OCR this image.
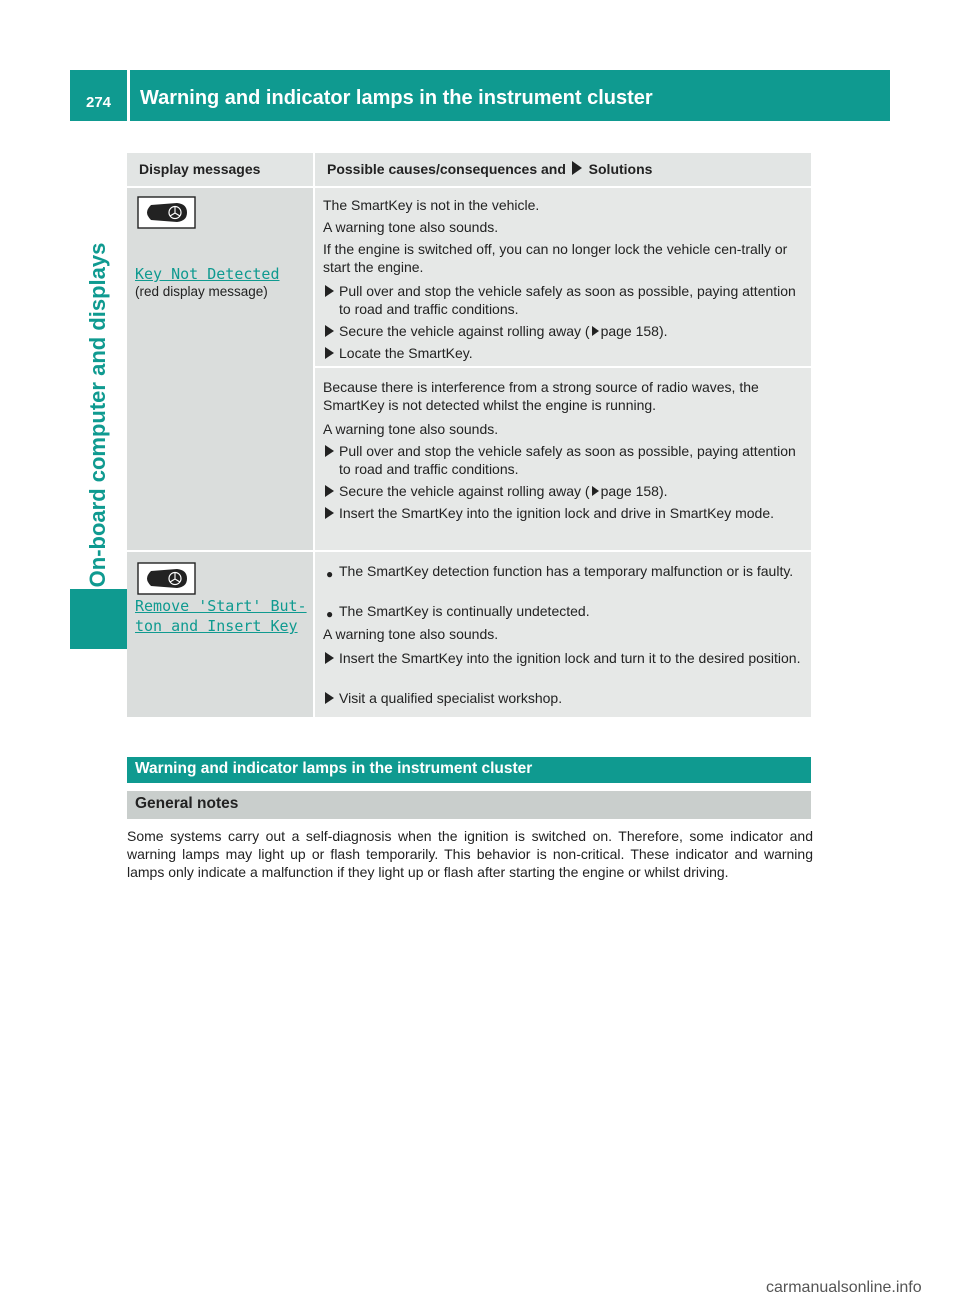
274 Warning and indicator lamps in the instrument cluster
On-board computer and displays
Display messages	Possible causes/consequences and Solutions
Key Not Detected
(red display message)
The SmartKey is not in the vehicle.
A warning tone also sounds.
If the engine is switched off, you can no longer lock the vehicle cen-trally or start the engine.
Pull over and stop the vehicle safely as soon as possible, paying attention to road and traffic conditions.
Secure the vehicle against rolling away ( page 158).
Locate the SmartKey.
Because there is interference from a strong source of radio waves, the SmartKey is not detected whilst the engine is running.
A warning tone also sounds.
Pull over and stop the vehicle safely as soon as possible, paying attention to road and traffic conditions.
Secure the vehicle against rolling away ( page 158).
Insert the SmartKey into the ignition lock and drive in SmartKey mode.
Remove 'Start' But‐
ton and Insert Key
● The SmartKey detection function has a temporary malfunction or is faulty.
● The SmartKey is continually undetected.
A warning tone also sounds.
Insert the SmartKey into the ignition lock and turn it to the desired position.
Visit a qualified specialist workshop.
Warning and indicator lamps in the instrument cluster
General notes
Some systems carry out a self-diagnosis when the ignition is switched on. Therefore, some indicator and warning lamps may light up or flash temporarily. This behavior is non-critical. These indicator and warning lamps only indicate a malfunction if they light up or flash after starting the engine or whilst driving.
carmanualsonline.info
